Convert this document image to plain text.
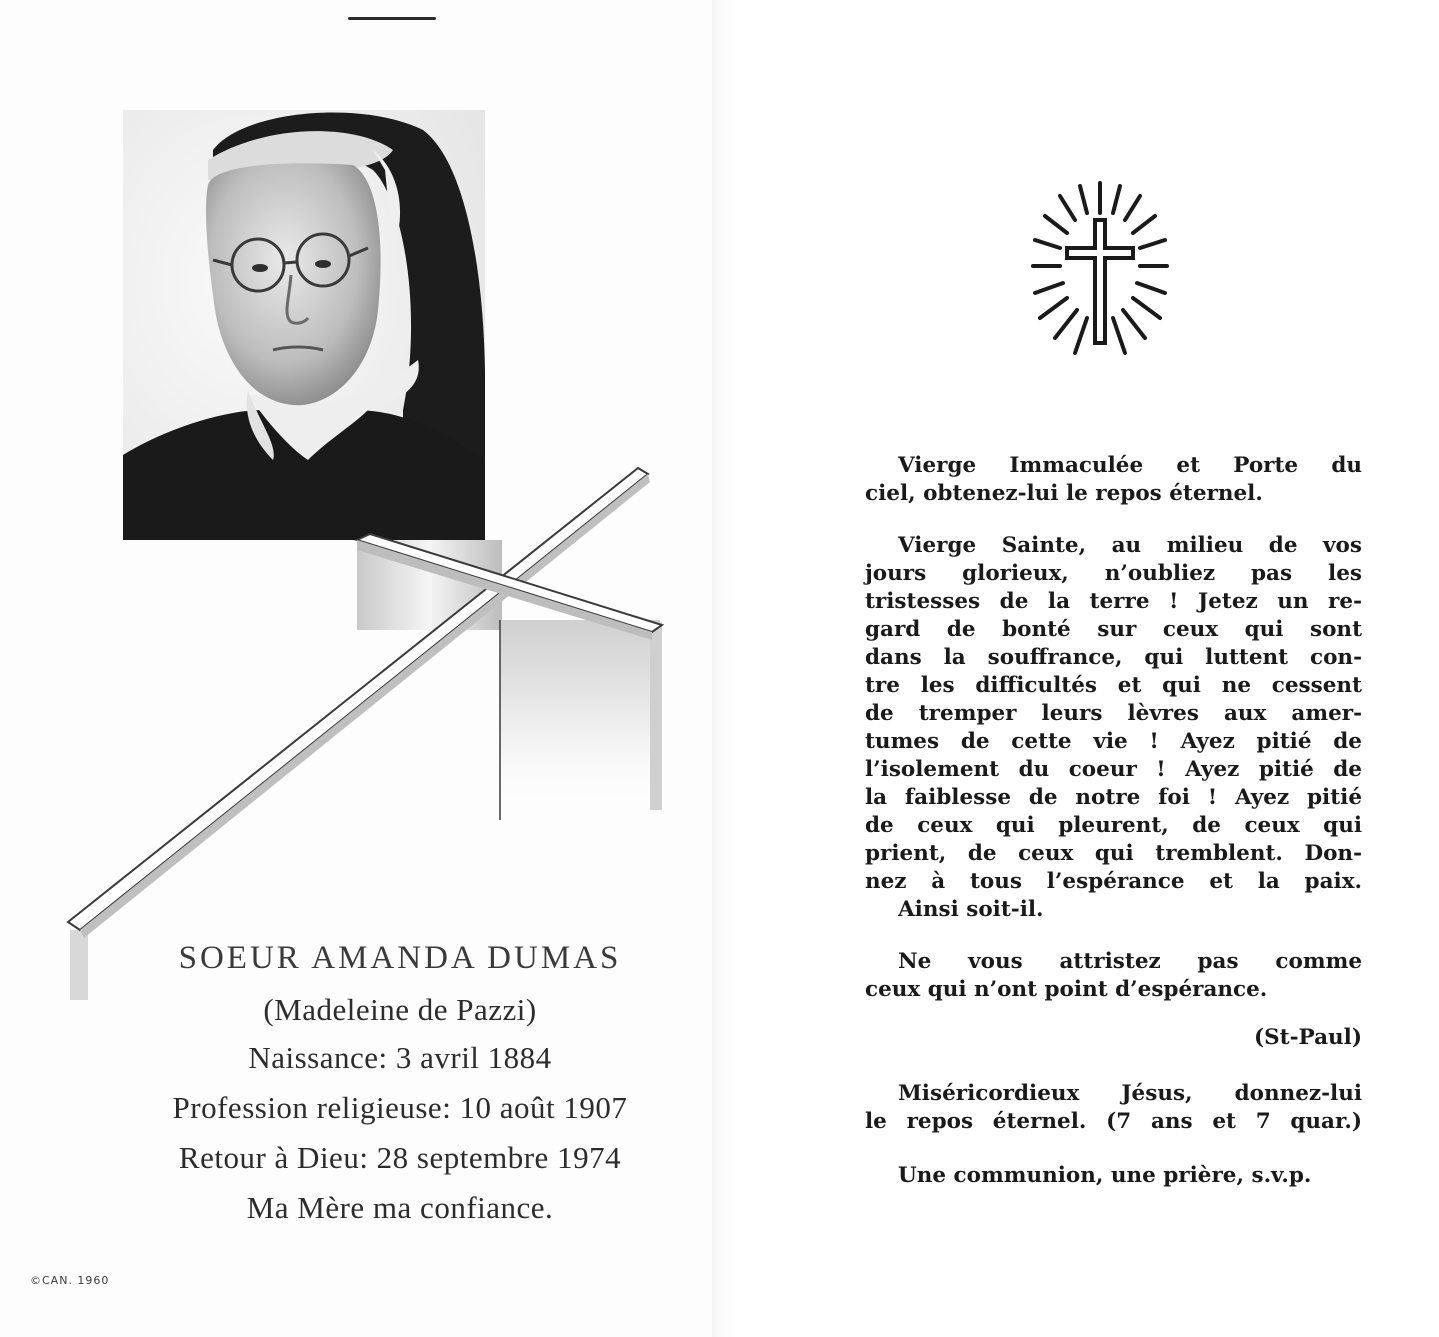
SOEUR AMANDA DUMAS
(Madeleine de Pazzi)
Naissance: 3 avril 1884
Profession religieuse: 10 août 1907
Retour à Dieu: 28 septembre 1974
Ma Mère ma confiance.
©CAN. 1960

Vierge Immaculée et Porte du

ciel, obtenez-lui le repos éternel.

Vierge Sainte, au milieu de vos

jours glorieux, n’oubliez pas les

tristesses de la terre ! Jetez un re-

gard de bonté sur ceux qui sont

dans la souffrance, qui luttent con-

tre les difficultés et qui ne cessent

de tremper leurs lèvres aux amer-

tumes de cette vie ! Ayez pitié de

l’isolement du coeur ! Ayez pitié de

la faiblesse de notre foi ! Ayez pitié

de ceux qui pleurent, de ceux qui

prient, de ceux qui tremblent. Don-

nez à tous l’espérance et la paix.

Ainsi soit-il.

Ne vous attristez pas comme

ceux qui n’ont point d’espérance.

(St-Paul)

Miséricordieux Jésus, donnez-lui

le repos éternel. (7 ans et 7 quar.)

Une communion, une prière, s.v.p.
